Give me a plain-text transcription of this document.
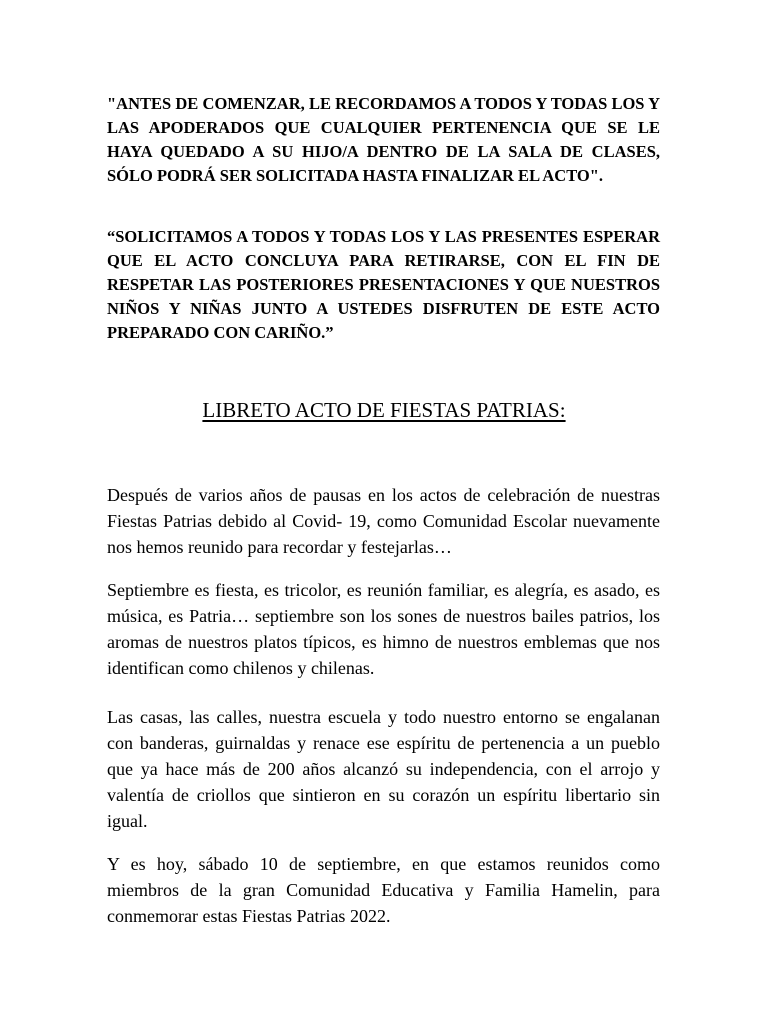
"ANTES DE COMENZAR, LE RECORDAMOS A TODOS Y TODAS LOS Y LAS APODERADOS QUE CUALQUIER PERTENENCIA QUE SE LE HAYA QUEDADO A SU HIJO/A DENTRO DE LA SALA DE CLASES, SÓLO PODRÁ SER SOLICITADA HASTA FINALIZAR EL ACTO".

“SOLICITAMOS A TODOS Y TODAS LOS Y LAS PRESENTES ESPERAR QUE EL ACTO CONCLUYA PARA RETIRARSE, CON EL FIN DE RESPETAR LAS POSTERIORES PRESENTACIONES Y QUE NUESTROS NIÑOS Y NIÑAS JUNTO A USTEDES DISFRUTEN DE ESTE ACTO PREPARADO CON CARIÑO.”

LIBRETO ACTO DE FIESTAS PATRIAS:

Después de varios años de pausas en los actos de celebración de nuestras Fiestas Patrias debido al Covid- 19, como Comunidad Escolar nuevamente nos hemos reunido para recordar y festejarlas…

Septiembre es fiesta, es tricolor, es reunión familiar, es alegría, es asado, es música, es Patria… septiembre son los sones de nuestros bailes patrios, los aromas de nuestros platos típicos, es himno de nuestros emblemas que nos identifican como chilenos y chilenas.

Las casas, las calles, nuestra escuela y todo nuestro entorno se engalanan con banderas, guirnaldas y renace ese espíritu de pertenencia a un pueblo que ya hace más de 200 años alcanzó su independencia, con el arrojo y valentía de criollos que sintieron en su corazón un espíritu libertario sin igual.

Y es hoy, sábado 10 de septiembre, en que estamos reunidos como miembros de la gran Comunidad Educativa y Familia Hamelin, para conmemorar estas Fiestas Patrias 2022.
